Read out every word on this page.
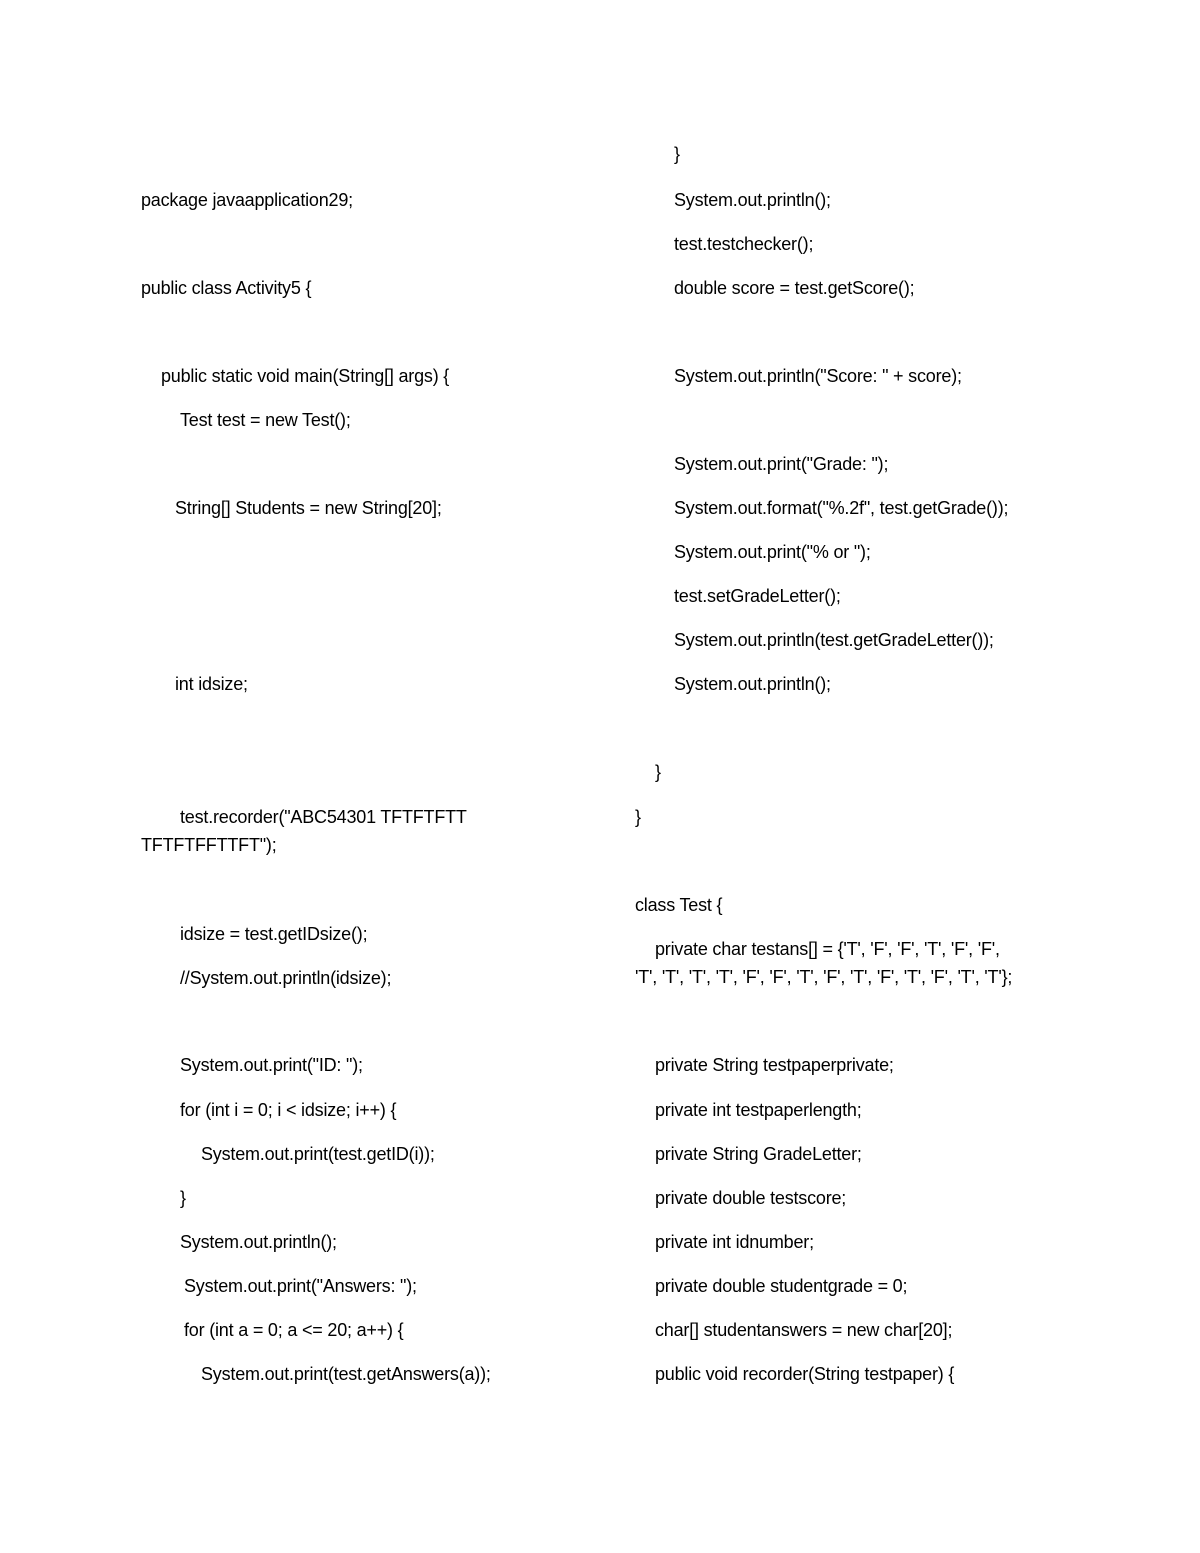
package javaapplication29;
public class Activity5 {
public static void main(String[] args) {
Test test = new Test();
String[] Students = new String[20];
int idsize;
test.recorder("ABC54301 TFTFTFTT
TFTFTFFTTFT");
idsize = test.getIDsize();
//System.out.println(idsize);
System.out.print("ID: ");
for (int i = 0; i < idsize; i++) {
System.out.print(test.getID(i));
}
System.out.println();
System.out.print("Answers: ");
for (int a = 0; a <= 20; a++) {
System.out.print(test.getAnswers(a));
}
System.out.println();
test.testchecker();
double score = test.getScore();
System.out.println("Score: " + score);
System.out.print("Grade: ");
System.out.format("%.2f", test.getGrade());
System.out.print("% or ");
test.setGradeLetter();
System.out.println(test.getGradeLetter());
System.out.println();
}
}
class Test {
private char testans[] = {'T', 'F', 'F', 'T', 'F', 'F',
'T', 'T', 'T', 'T', 'F', 'F', 'T', 'F', 'T', 'F', 'T', 'F', 'T', 'T'};
private String testpaperprivate;
private int testpaperlength;
private String GradeLetter;
private double testscore;
private int idnumber;
private double studentgrade = 0;
char[] studentanswers = new char[20];
public void recorder(String testpaper) {
